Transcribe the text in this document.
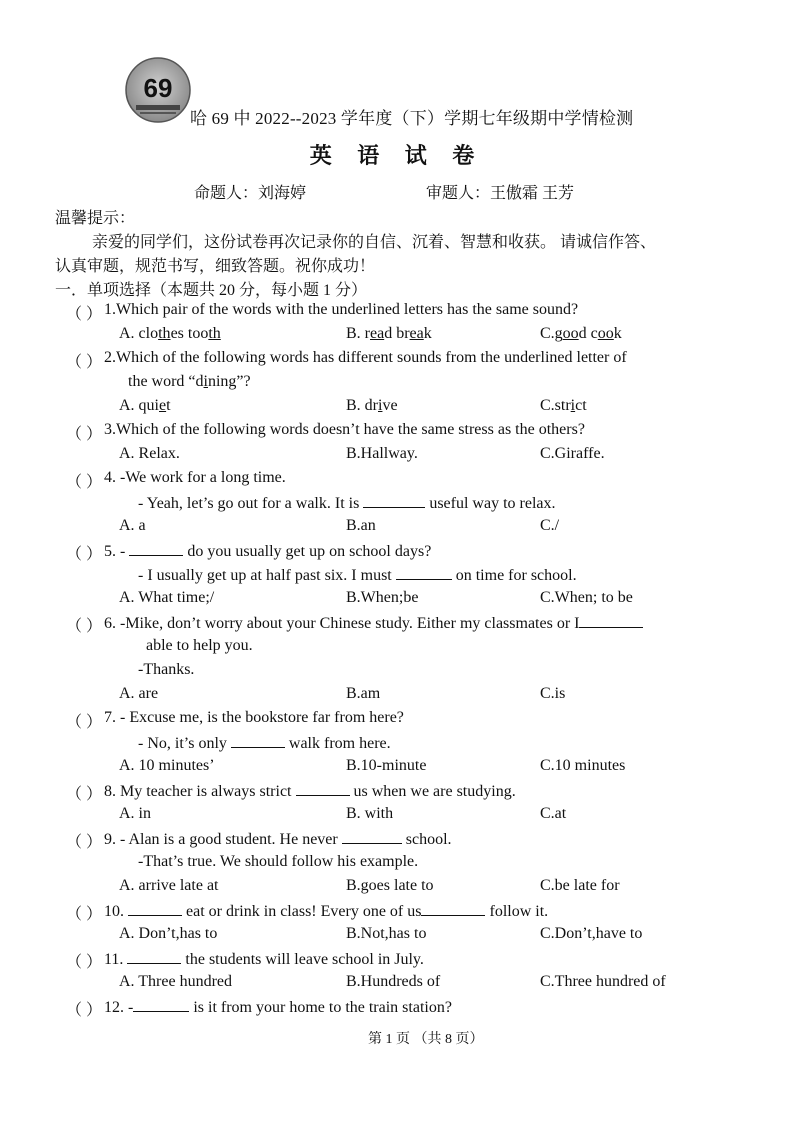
69
哈 69 中 2022--2023 学年度（下）学期七年级期中学情检测
英 语 试 卷
命题人：刘海婷	审题人：王傲霜 王芳
温馨提示：
亲爱的同学们，这份试卷再次记录你的自信、沉着、智慧和收获。 请诚信作答、
认真审题，规范书写，细致答题。祝你成功！
一．单项选择（本题共 20 分，每小题 1 分）
（ ） 1.Which pair of the words with the underlined letters has the same sound?
A. clothes tooth	B. read break	C.good cook
（ ） 2.Which of the following words has different sounds from the underlined letter of
the word “dining”?
A. quiet	B. drive	C.strict
（ ） 3.Which of the following words doesn’t have the same stress as the others?
A. Relax.	B.Hallway.	C.Giraffe.
（ ） 4. -We work for a long time.
- Yeah, let’s go out for a walk. It is	useful way to relax.
A. a	B.an	C./
（ ） 5. -	do you usually get up on school days?
- I usually get up at half past six. I must	on time for school.
A. What time;/	B.When;be	C.When; to be
（ ） 6. -Mike, don’t worry about your Chinese study. Either my classmates or I
able to help you.
-Thanks.
A. are	B.am	C.is
（ ） 7. - Excuse me, is the bookstore far from here?
- No, it’s only	walk from here.
A. 10 minutes’	B.10-minute	C.10 minutes
（ ） 8. My teacher is always strict	us when we are studying.
A. in	B. with	C.at
（ ） 9. - Alan is a good student. He never	school.
-That’s true. We should follow his example.
A. arrive late at	B.goes late to	C.be late for
（ ） 10.	eat or drink in class! Every one of us	follow it.
A. Don’t,has to	B.Not,has to	C.Don’t,have to
（ ） 11.	the students will leave school in July.
A. Three hundred	B.Hundreds of	C.Three hundred of
（ ） 12. -	is it from your home to the train station?
第 1 页 （共 8 页）
